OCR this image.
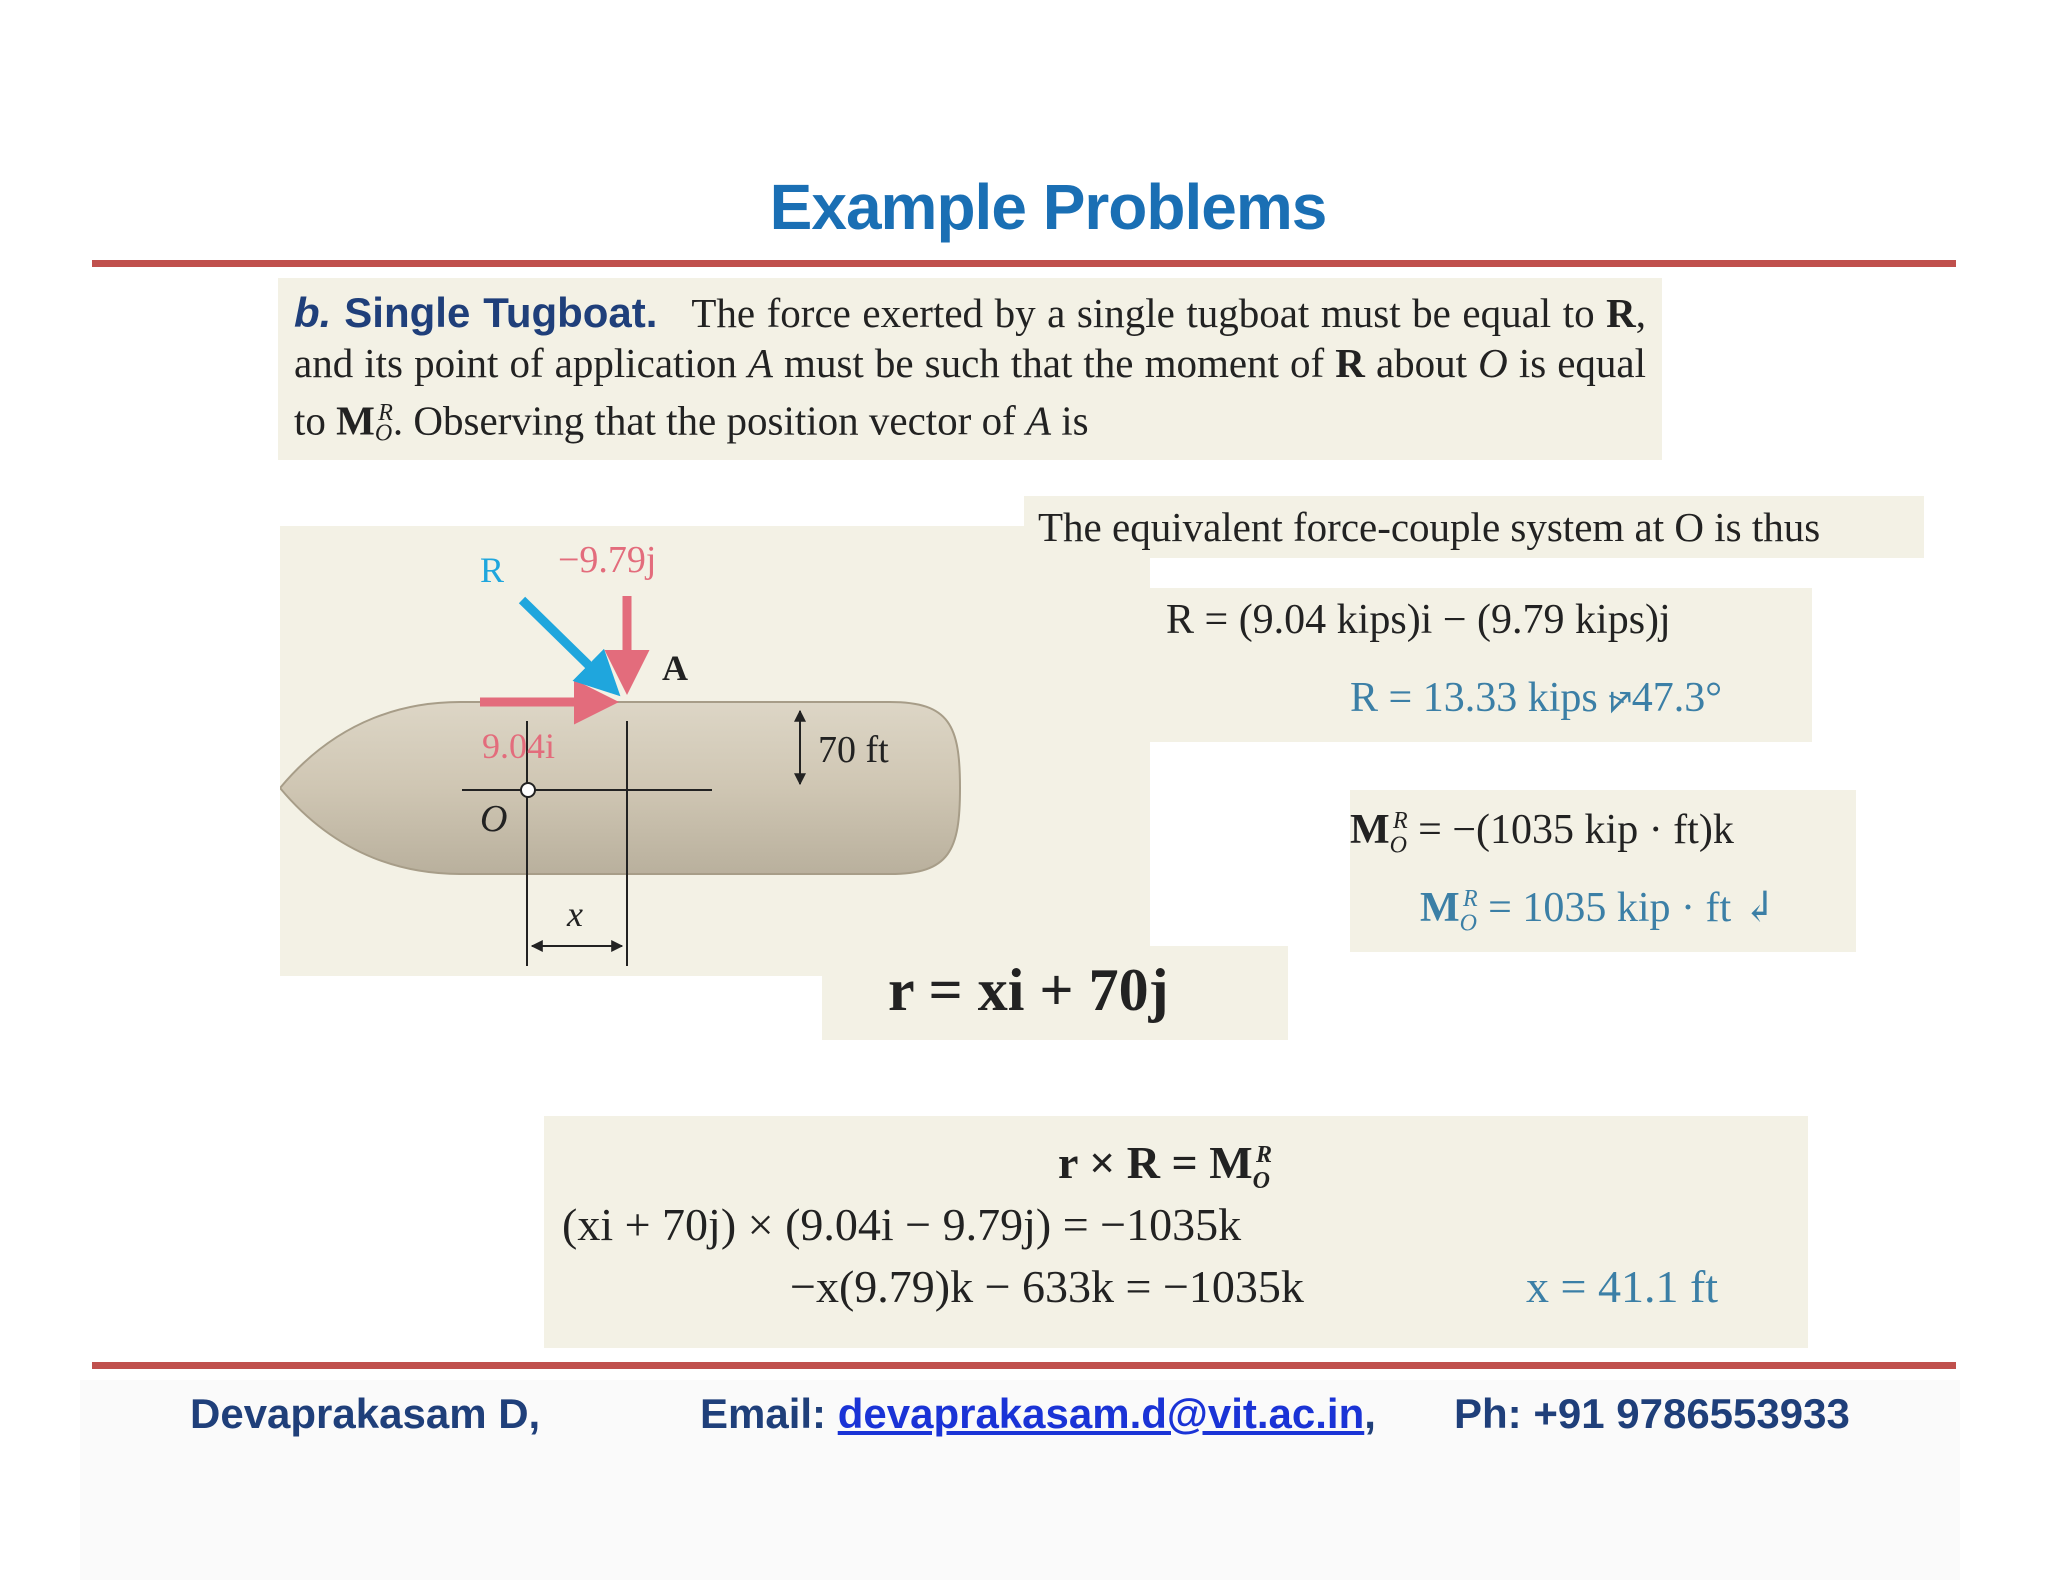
Example Problems
b. Single Tugboat. The force exerted by a single tugboat must be equal to R, and its point of application A must be such that the moment of R about O is equal to $M_O^R$. Observing that the position vector of A is
R −9.79j
A
9.04i	70 ft
O
x
The equivalent force-couple system at O is thus
R = (9.04 kips)i − (9.79 kips)j
R = 13.33 kips ⦬47.3°
$M_O^R = -(1035$ kip · ft)k
$M_O^R = 1035$ kip · ft ↲
r = xi + 70j
$r \times R = M_O^R$
(xi + 70j) × (9.04i − 9.79j) = −1035k
−x(9.79)k − 633k = −1035k	x = 41.1 ft
Devaprakasam D,	Email: devaprakasam.d@vit.ac.in, Ph: +91 9786553933
